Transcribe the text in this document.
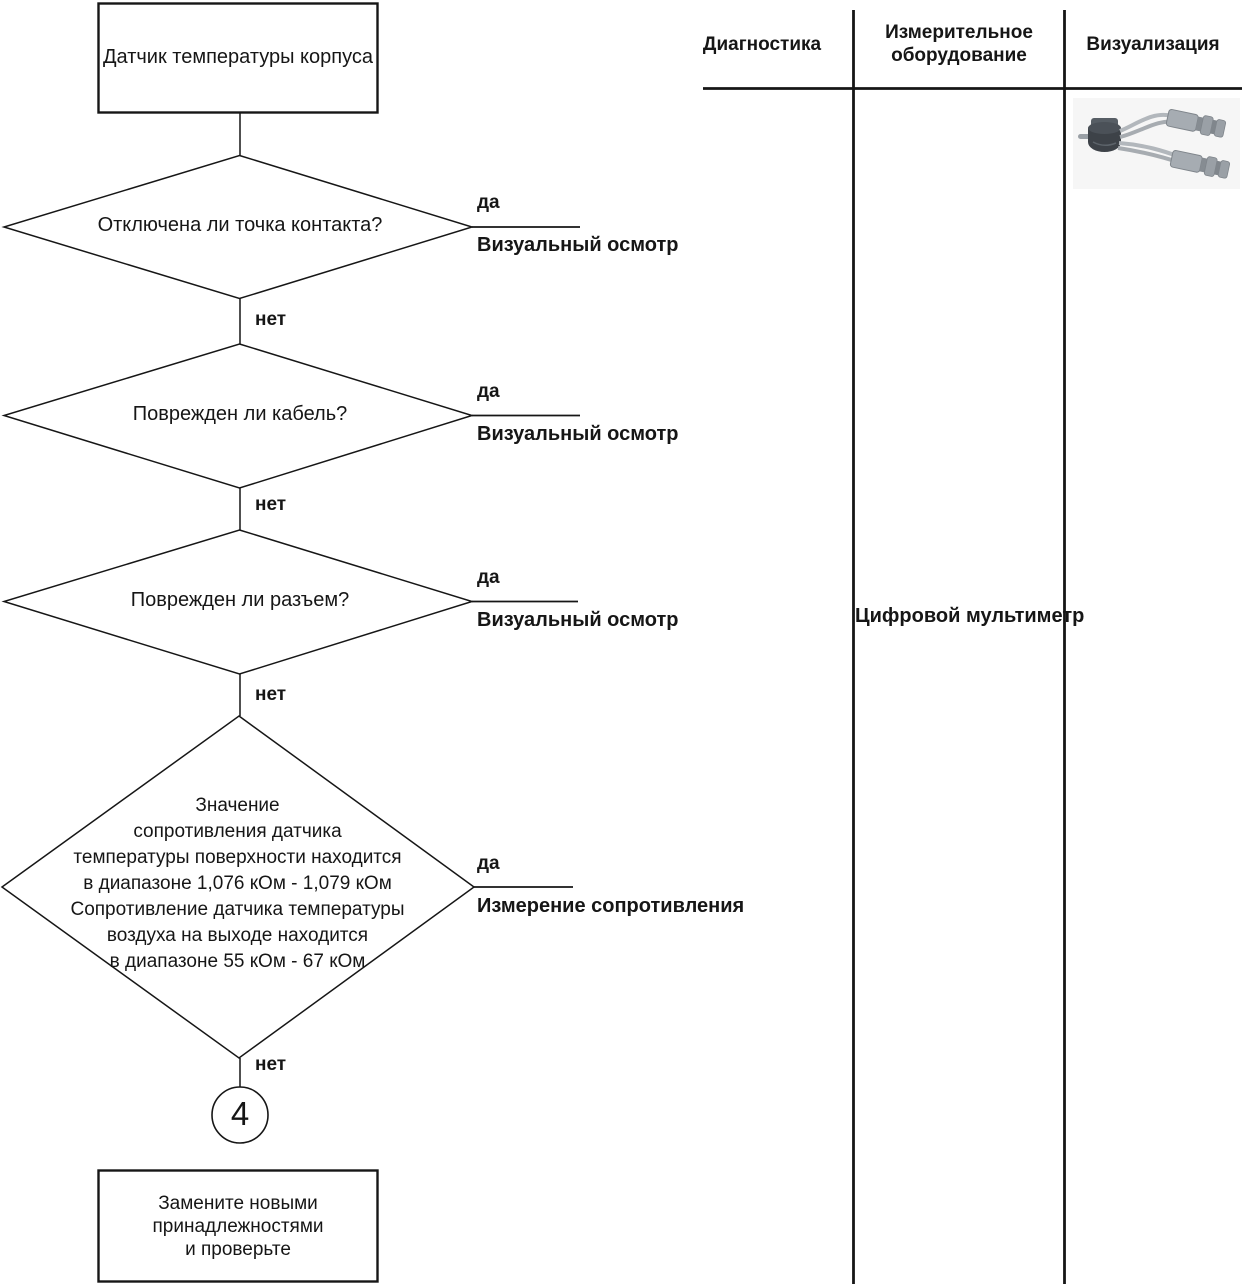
Датчик температуры корпуса
Отключена ли точка контакта?
да
Визуальный осмотр
нет
Поврежден ли кабель?
да
Визуальный осмотр
нет
Поврежден ли разъем?
да
Визуальный осмотр
нет
Значение
сопротивления датчика
температуры поверхности находится
в диапазоне 1,076 кОм - 1,079 кОм
Сопротивление датчика температуры
воздуха на выходе находится
в диапазоне 55 кОм - 67 кОм
да
Измерение сопротивления
нет
4
Замените новыми
принадлежностями
и проверьте
Диагностика
Измерительное оборудование
Визуализация
Цифровой мультиметр
